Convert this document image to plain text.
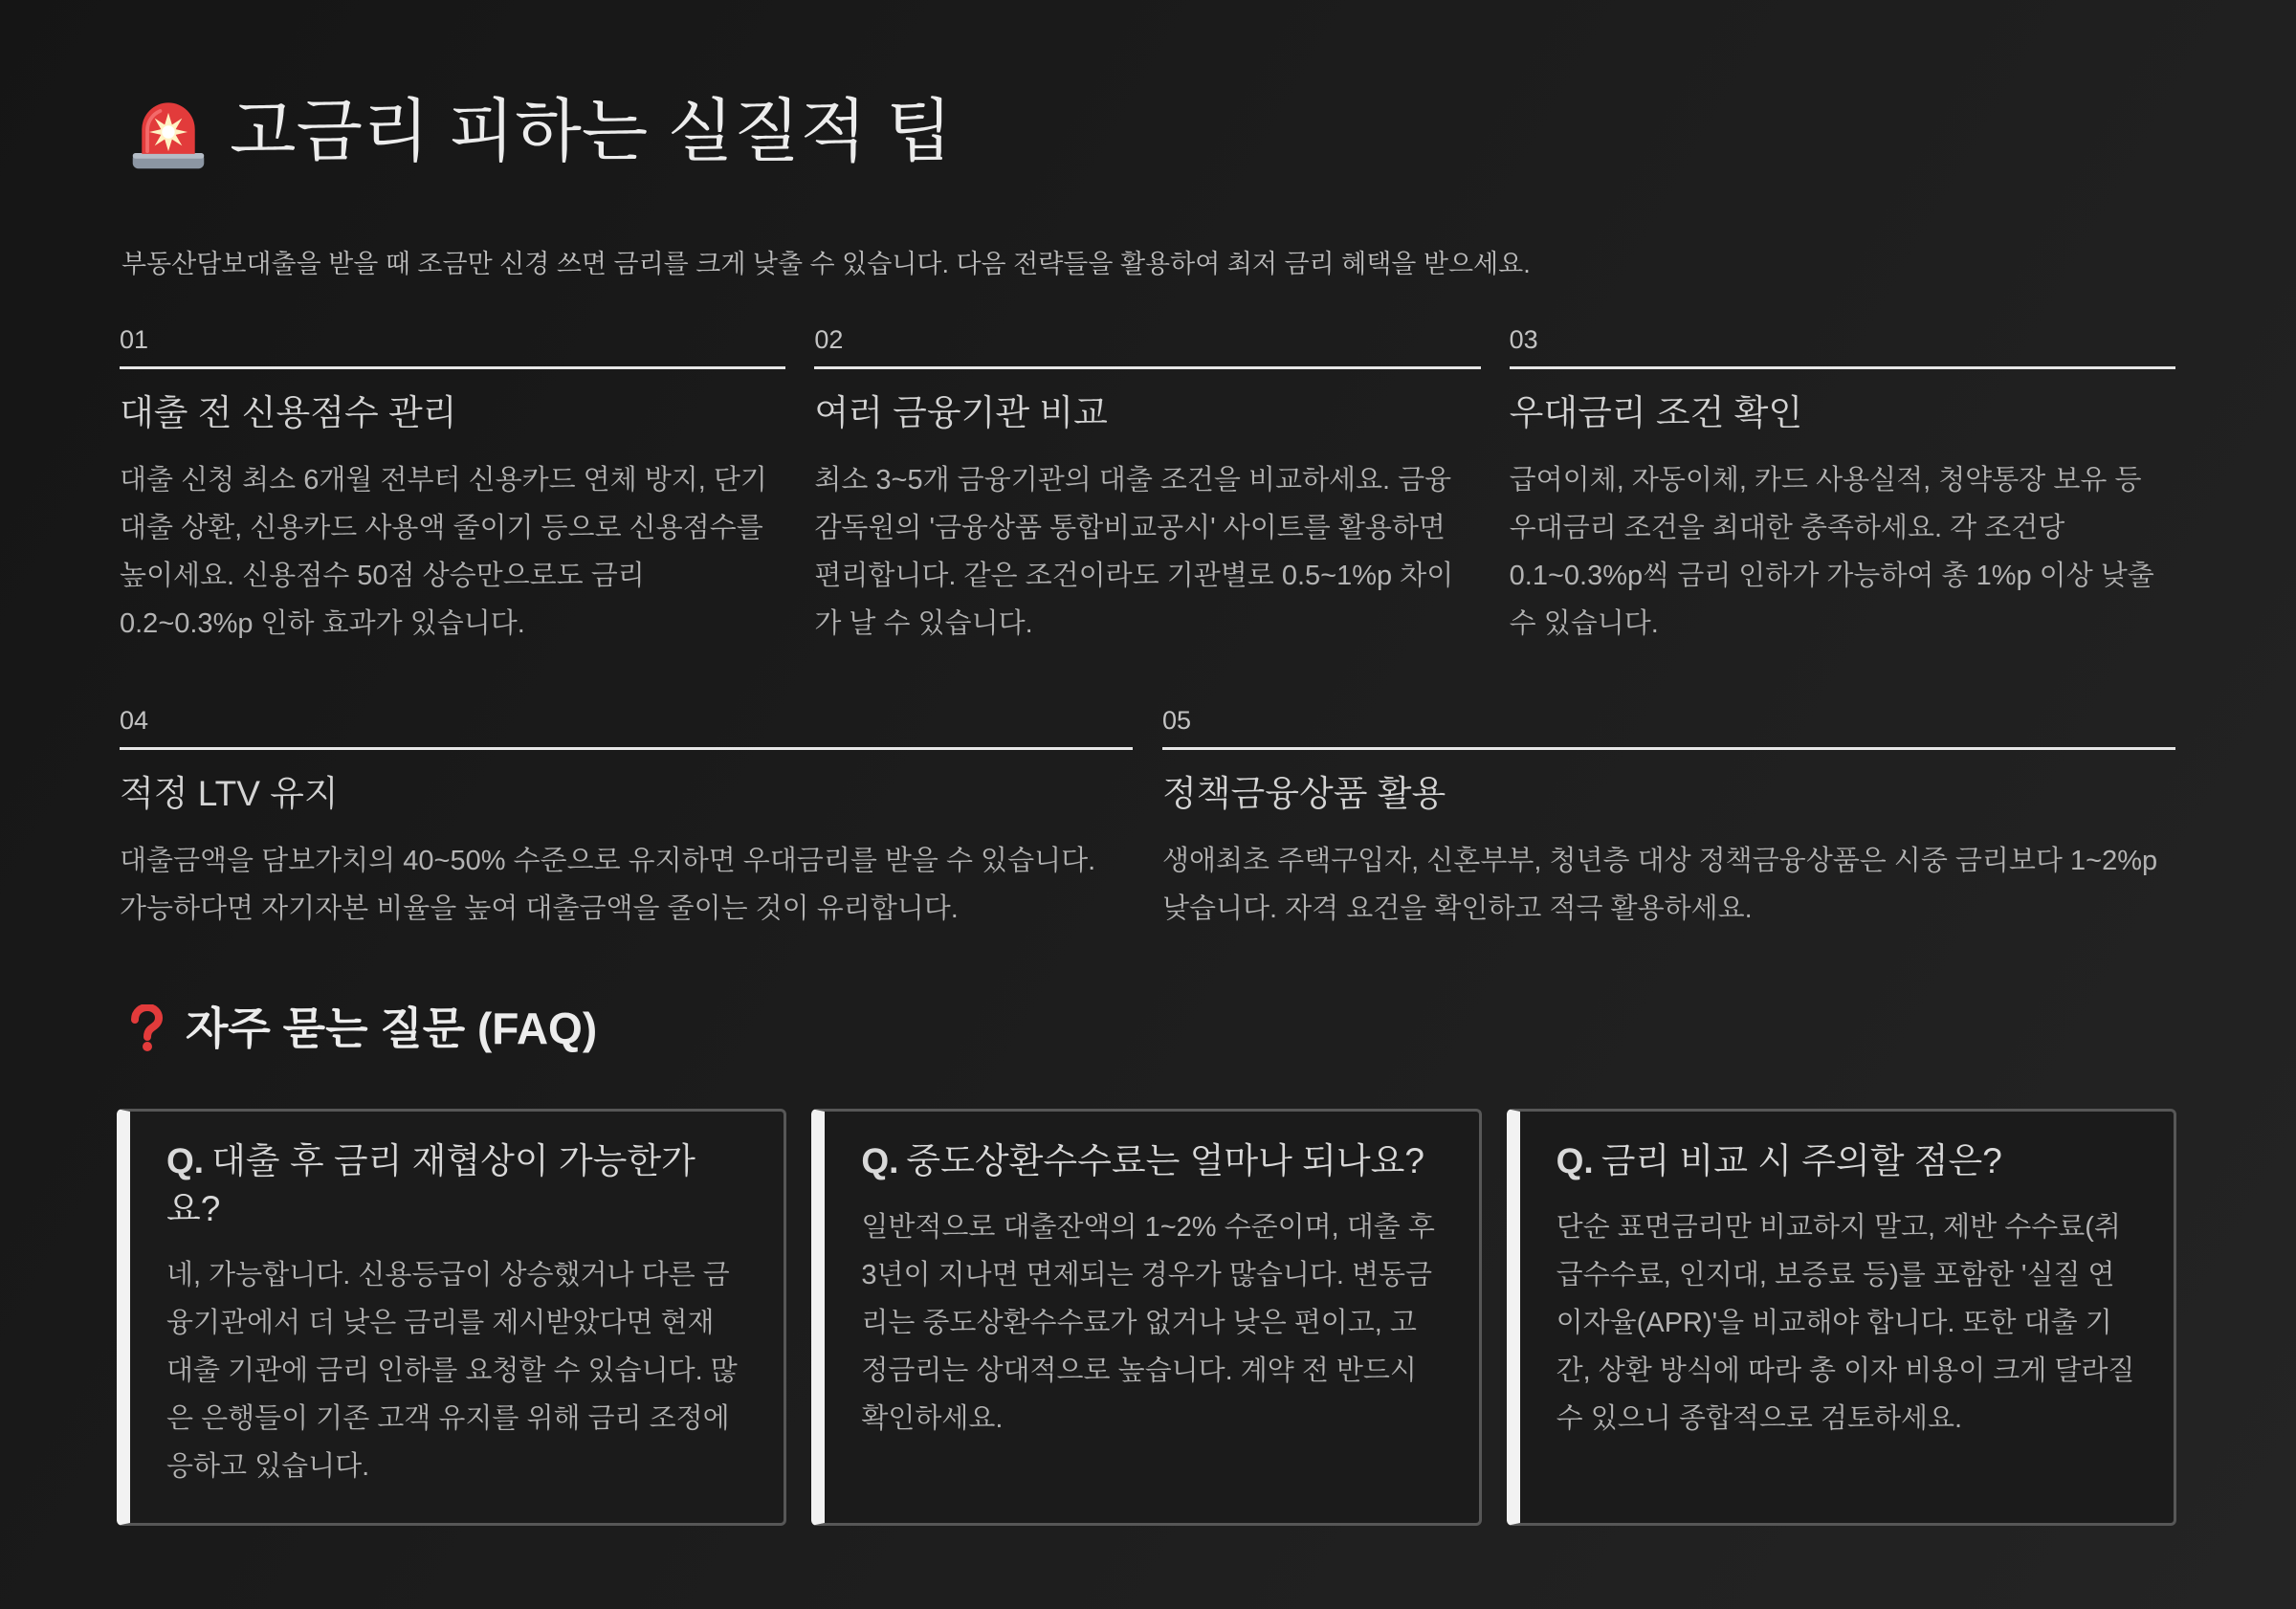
고금리 피하는 실질적 팁

부동산담보대출을 받을 때 조금만 신경 쓰면 금리를 크게 낮출 수 있습니다. 다음 전략들을 활용하여 최저 금리 혜택을 받으세요.

01
대출 전 신용점수 관리

대출 신청 최소 6개월 전부터 신용카드 연체 방지, 단기 대출 상환, 신용카드 사용액 줄이기 등으로 신용점수를 높이세요. 신용점수 50점 상승만으로도 금리 0.2~0.3%p 인하 효과가 있습니다.

02
여러 금융기관 비교

최소 3~5개 금융기관의 대출 조건을 비교하세요. 금융감독원의 '금융상품 통합비교공시' 사이트를 활용하면 편리합니다. 같은 조건이라도 기관별로 0.5~1%p 차이가 날 수 있습니다.

03
우대금리 조건 확인

급여이체, 자동이체, 카드 사용실적, 청약통장 보유 등 우대금리 조건을 최대한 충족하세요. 각 조건당 0.1~0.3%p씩 금리 인하가 가능하여 총 1%p 이상 낮출 수 있습니다.

04
적정 LTV 유지

대출금액을 담보가치의 40~50% 수준으로 유지하면 우대금리를 받을 수 있습니다. 가능하다면 자기자본 비율을 높여 대출금액을 줄이는 것이 유리합니다.

05
정책금융상품 활용

생애최초 주택구입자, 신혼부부, 청년층 대상 정책금융상품은 시중 금리보다 1~2%p 낮습니다. 자격 요건을 확인하고 적극 활용하세요.

자주 묻는 질문 (FAQ)
Q. 대출 후 금리 재협상이 가능한가요?

네, 가능합니다. 신용등급이 상승했거나 다른 금융기관에서 더 낮은 금리를 제시받았다면 현재 대출 기관에 금리 인하를 요청할 수 있습니다. 많은 은행들이 기존 고객 유지를 위해 금리 조정에 응하고 있습니다.

Q. 중도상환수수료는 얼마나 되나요?

일반적으로 대출잔액의 1~2% 수준이며, 대출 후 3년이 지나면 면제되는 경우가 많습니다. 변동금리는 중도상환수수료가 없거나 낮은 편이고, 고정금리는 상대적으로 높습니다. 계약 전 반드시 확인하세요.

Q. 금리 비교 시 주의할 점은?

단순 표면금리만 비교하지 말고, 제반 수수료(취급수수료, 인지대, 보증료 등)를 포함한 '실질 연이자율(APR)'을 비교해야 합니다. 또한 대출 기간, 상환 방식에 따라 총 이자 비용이 크게 달라질 수 있으니 종합적으로 검토하세요.
